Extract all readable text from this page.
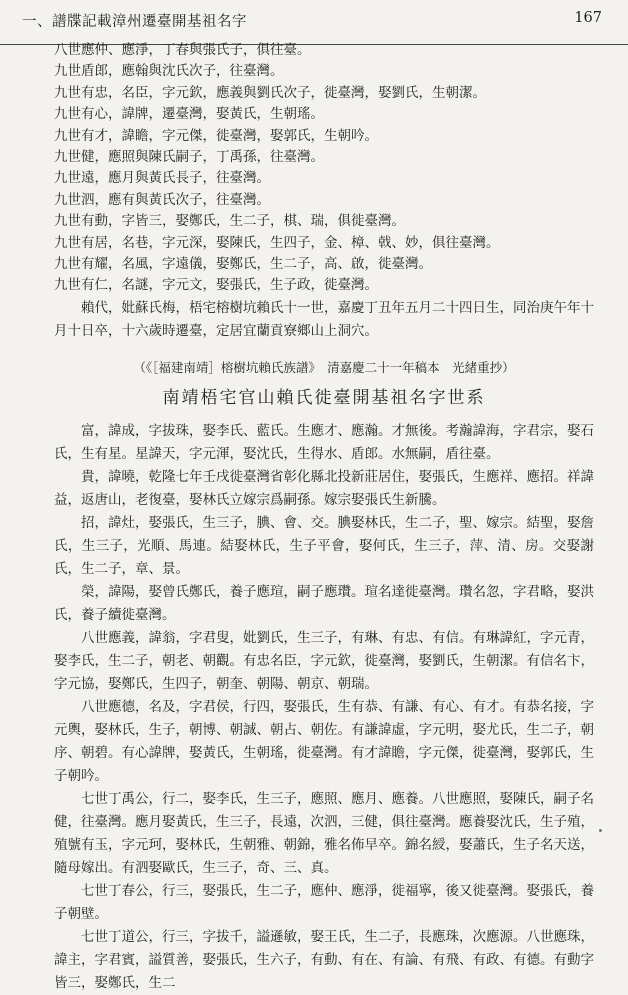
一、譜牒記載漳州遷臺開基祖名字	167
八世應仲、應淨，丁春與張氏子，俱往臺。
九世盾郎，應翰與沈氏次子，往臺灣。
九世有忠，名臣，字元欽，應義與劉氏次子，徙臺灣，娶劉氏，生朝潔。
九世有心，諱牌，遷臺灣，娶黃氏，生朝瑤。
九世有才，諱瞻，字元傑，徙臺灣，娶郭氏，生朝吟。
九世健，應照與陳氏嗣子，丁禹孫，往臺灣。
九世遠，應月與黃氏長子，往臺灣。
九世泗，應有與黃氏次子，往臺灣。
九世有動，字皆三，娶鄭氏，生二子，棋、瑞，俱徙臺灣。
九世有居，名巷，字元深，娶陳氏，生四子，金、樟、戟、妙，俱往臺灣。
九世有耀，名風，字遠儀，娶鄭氏，生二子，高、啟，徙臺灣。
九世有仁，名謎，字元文，娶張氏，生子政，徙臺灣。

賴代，妣蘇氏梅，梧宅榕樹坑賴氏十一世，嘉慶丁丑年五月二十四日生，同治庚午年十月十日卒，十六歲時遷臺，定居宜蘭貢寮鄉山上洞穴。

（《［福建南靖］榕樹坑賴氏族譜》　清嘉慶二十一年稿本　光緒重抄）
南靖梧宅官山賴氏徙臺開基祖名字世系

富，諱成，字拔珠，娶李氏、藍氏。生應才、應瀚。才無後。考瀚諱海，字君宗，娶石氏，生有星。星諱天，字元渾，娶沈氏，生得水、盾郎。水無嗣，盾往臺。

貴，諱曉，乾隆七年壬戌徙臺灣省彰化縣北投新莊居住，娶張氏，生應祥、應招。祥諱益，返唐山，老復臺，娶林氏立嫁宗爲嗣孫。嫁宗娶張氏生新騰。

招，諱灶，娶張氏，生三子，腆、會、交。腆娶林氏，生二子，聖、嫁宗。結聖，娶詹氏，生三子，光順、馬連。結娶林氏，生子平會，娶何氏，生三子，萍、清、房。交娶謝氏，生二子，章、景。

榮，諱陽，娶曾氏鄭氏，養子應瑄，嗣子應瓚。瑄名達徙臺灣。瓚名忽，字君略，娶洪氏，養子續徙臺灣。

八世應義，諱翁，字君叟，妣劉氏，生三子，有琳、有忠、有信。有琳諱紅，字元青，娶李氏，生二子，朝老、朝觀。有忠名臣，字元欽，徙臺灣，娶劉氏，生朝潔。有信名卞，字元協，娶鄭氏，生四子，朝奎、朝陽、朝京、朝瑞。

八世應德，名及，字君侯，行四，娶張氏，生有恭、有謙、有心、有才。有恭名接，字元輿，娶林氏，生子，朝博、朝誠、朝占、朝佐。有謙諱虛，字元明，娶尤氏，生二子，朝序、朝碧。有心諱牌，娶黃氏，生朝瑤，徙臺灣。有才諱瞻，字元傑，徙臺灣，娶郭氏，生子朝吟。

七世丁禹公，行二，娶李氏，生三子，應照、應月、應養。八世應照，娶陳氏，嗣子名健，往臺灣。應月娶黃氏，生三子，長遠，次泗，三健，俱往臺灣。應養娶沈氏，生子殖，殖號有玉，字元珂，娶林氏，生朝雅、朝錦，雅名佈早卒。錦名綬，娶蕭氏，生子名天送，隨母嫁出。有泗娶歐氏，生三子，奇、三、真。

七世丁春公，行三，娶張氏，生二子，應仲、應淨，徙福寧，後又徙臺灣。娶張氏，養子朝壁。

七世丁道公，行三，字拔千，謚遜敏，娶王氏，生二子，長應珠，次應源。八世應珠，諱主，字君賓，謚質善，娶張氏，生六子，有動、有在、有論、有飛、有政、有德。有動字皆三，娶鄭氏，生二
